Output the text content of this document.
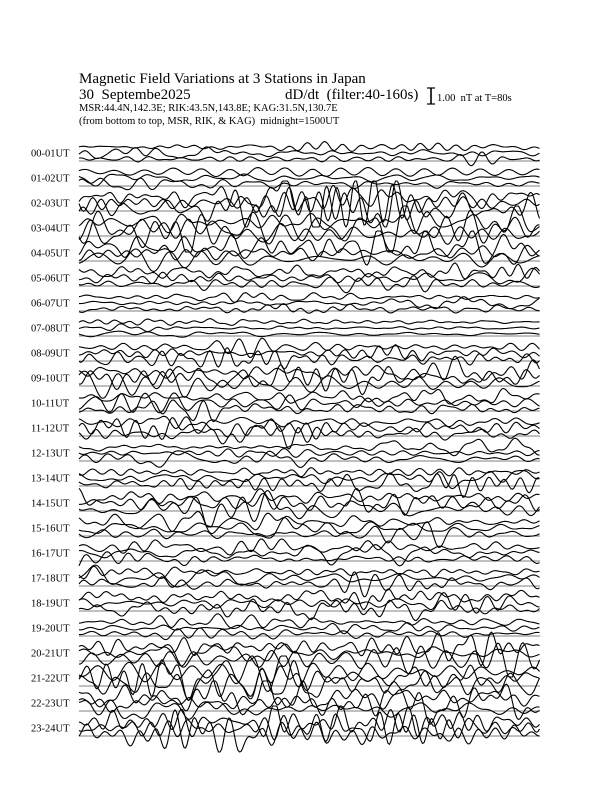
Magnetic Field Variations at 3 Stations in Japan
30  Septembe2025	dD/dt  (filter:40-160s)
MSR:44.4N,142.3E; RIK:43.5N,143.8E; KAG:31.5N,130.7E
(from bottom to top, MSR, RIK, & KAG)  midnight=1500UT
1.00  nT at T=80s
00-01UT
01-02UT
02-03UT
03-04UT
04-05UT
05-06UT
06-07UT
07-08UT
08-09UT
09-10UT
10-11UT
11-12UT
12-13UT
13-14UT
14-15UT
15-16UT
16-17UT
17-18UT
18-19UT
19-20UT
20-21UT
21-22UT
22-23UT
23-24UT
